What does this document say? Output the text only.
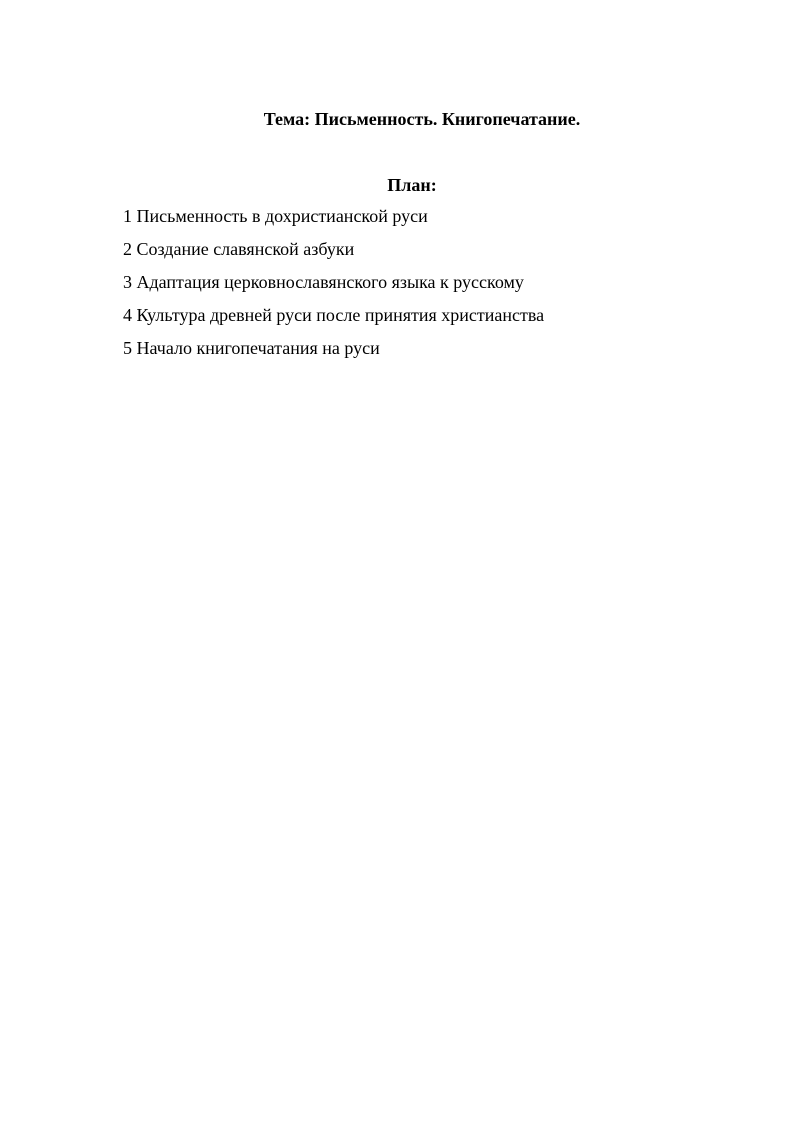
Тема: Письменность. Книгопечатание.
План:
1 Письменность в дохристианской руси
2 Создание славянской азбуки
3 Адаптация церковнославянского языка к русскому
4 Культура древней руси после принятия христианства
5 Начало книгопечатания на руси
